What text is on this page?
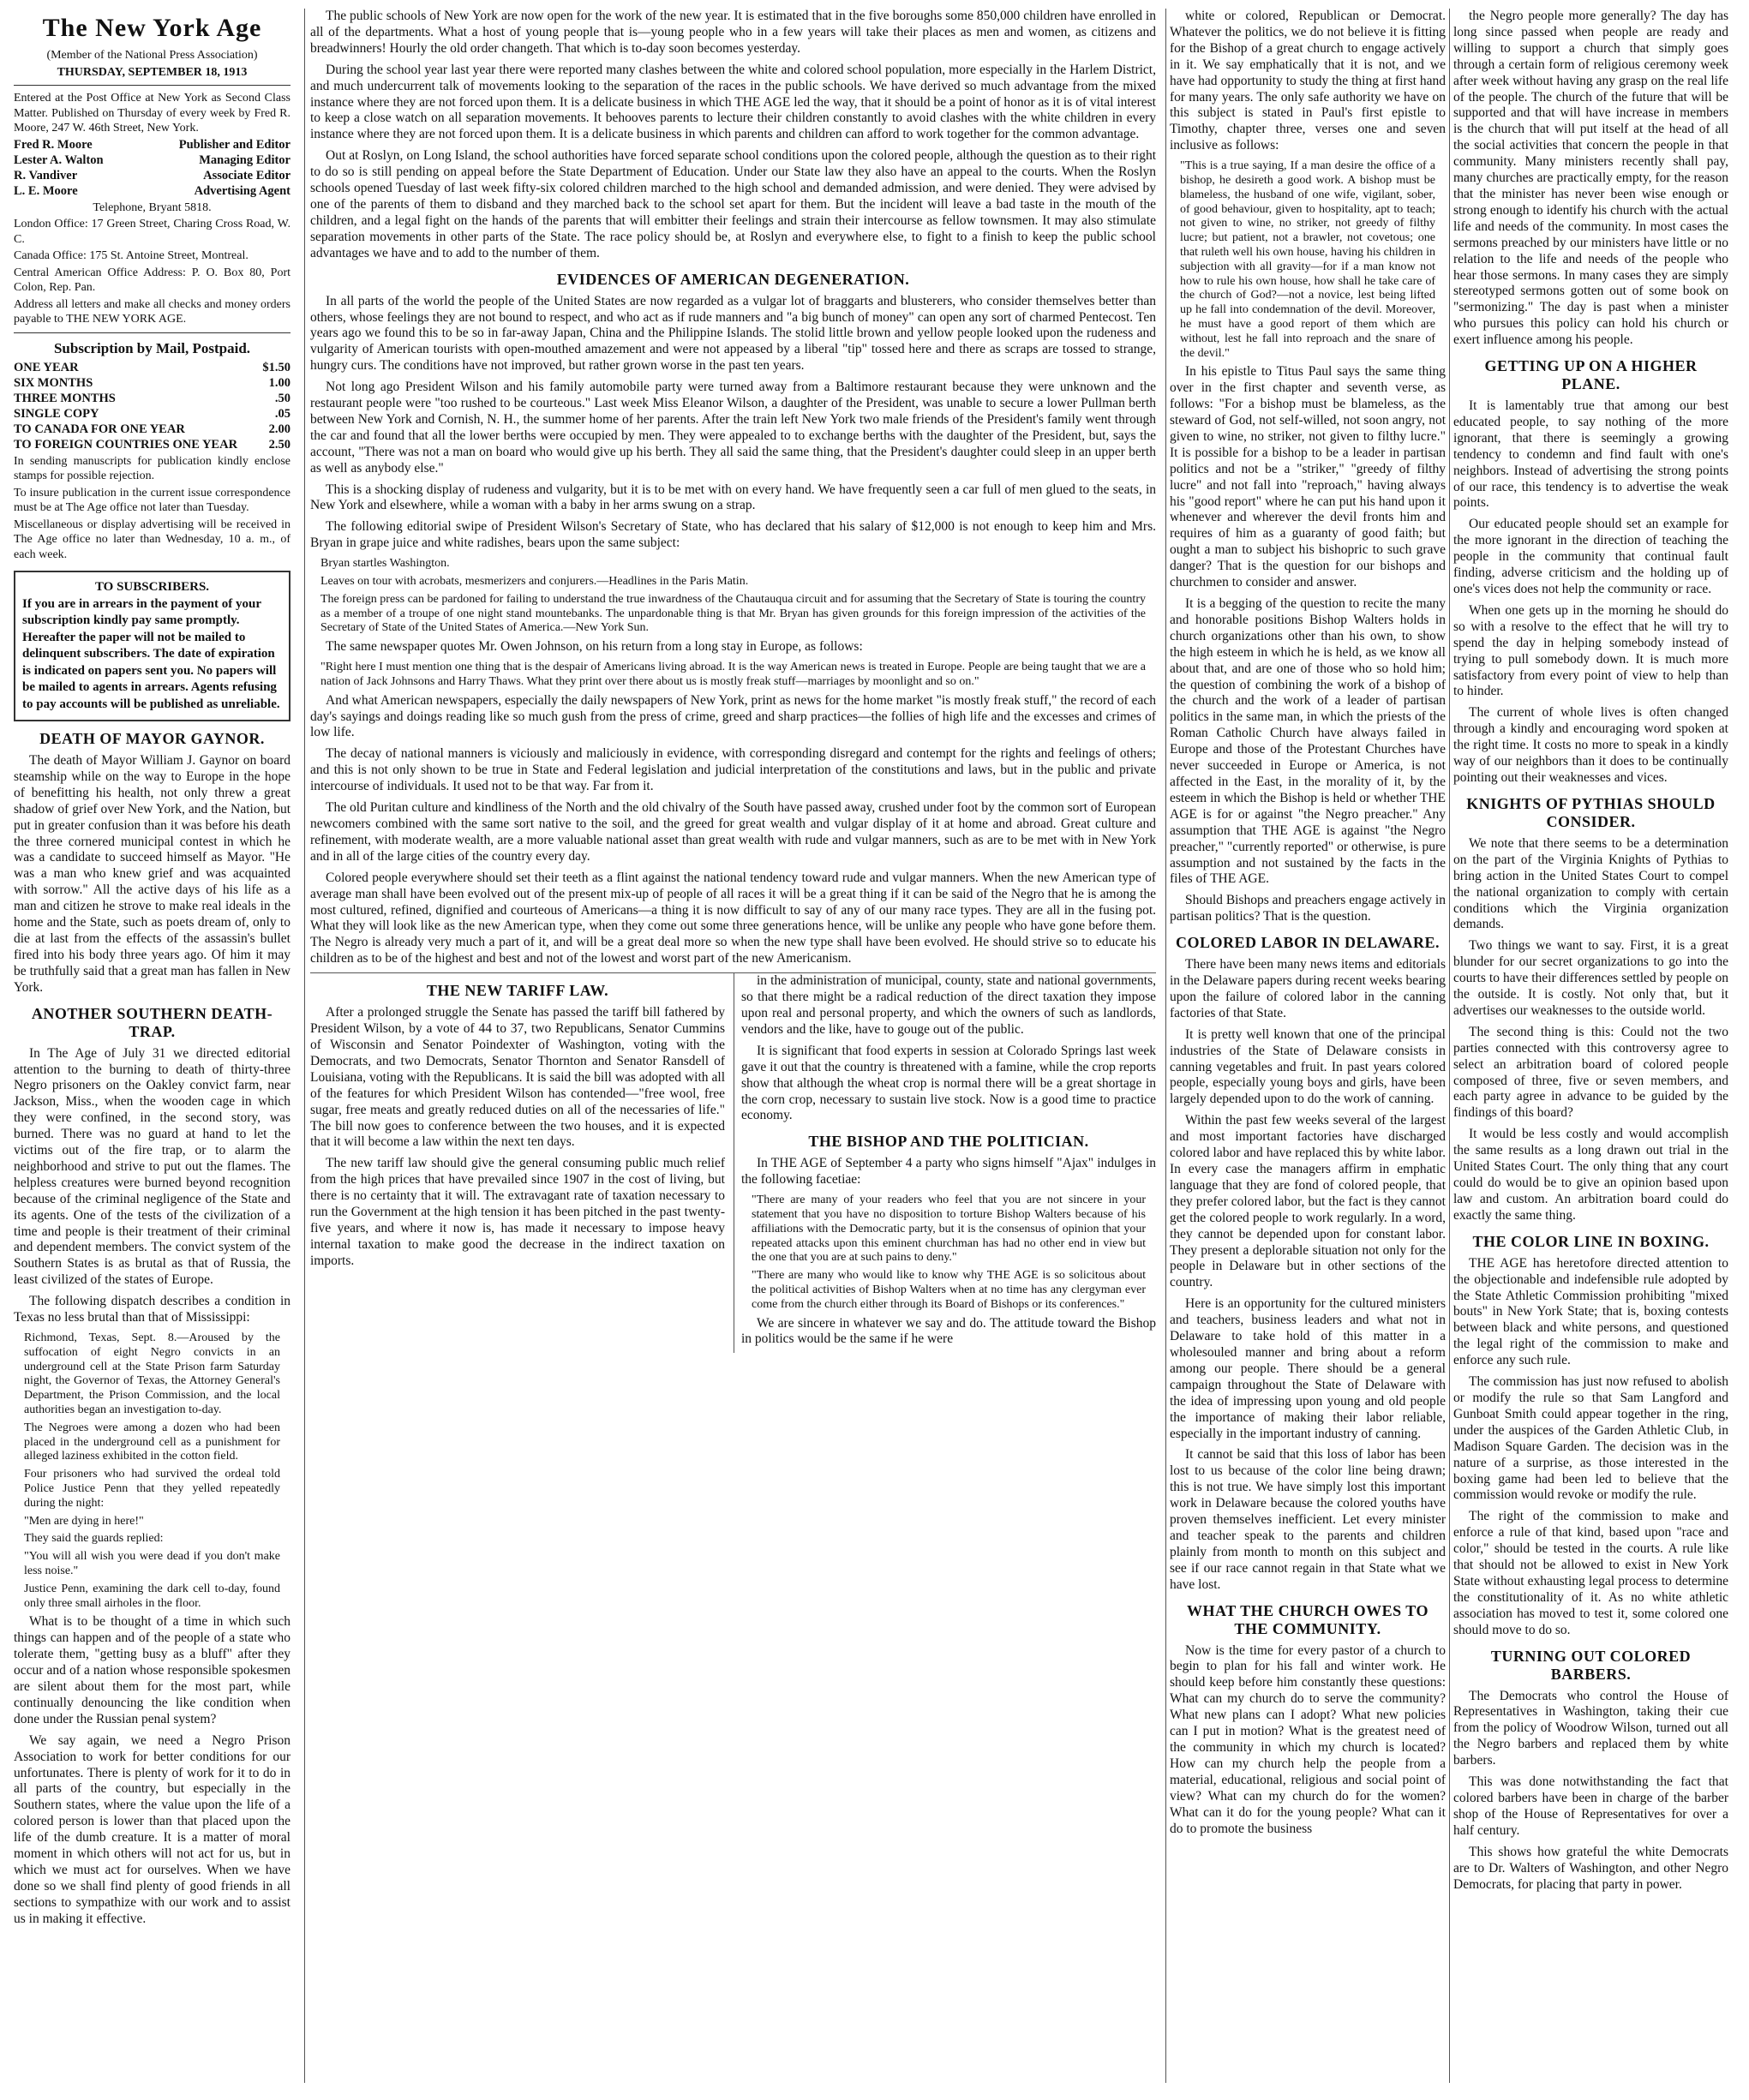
The New York Age
(Member of the National Press Association)
THURSDAY, SEPTEMBER 18, 1913

Entered at the Post Office at New York as Second Class Matter. Published on Thursday of every week by Fred R. Moore, 247 W. 46th Street, New York.

Fred R. Moore	Publisher and Editor
Lester A. Walton	Managing Editor
R. Vandiver	Associate Editor
L. E. Moore	Advertising Agent
Telephone, Bryant 5818.

London Office: 17 Green Street, Charing Cross Road, W. C.

Canada Office: 175 St. Antoine Street, Montreal.

Central American Office Address: P. O. Box 80, Port Colon, Rep. Pan.

Address all letters and make all checks and money orders payable to THE NEW YORK AGE.

Subscription by Mail, Postpaid.
ONE YEAR	$1.50
SIX MONTHS	1.00
THREE MONTHS	.50
SINGLE COPY	.05
TO CANADA FOR ONE YEAR	2.00
TO FOREIGN COUNTRIES ONE YEAR	2.50

In sending manuscripts for publication kindly enclose stamps for possible rejection.

To insure publication in the current issue correspondence must be at The Age office not later than Tuesday.

Miscellaneous or display advertising will be received in The Age office no later than Wednesday, 10 a. m., of each week.

TO SUBSCRIBERS.
If you are in arrears in the payment of your subscription kindly pay same promptly. Hereafter the paper will not be mailed to delinquent subscribers. The date of expiration is indicated on papers sent you. No papers will be mailed to agents in arrears. Agents refusing to pay accounts will be published as unreliable.
DEATH OF MAYOR GAYNOR.

The death of Mayor William J. Gaynor on board steamship while on the way to Europe in the hope of benefitting his health, not only threw a great shadow of grief over New York, and the Nation, but put in greater confusion than it was before his death the three cornered municipal contest in which he was a candidate to succeed himself as Mayor. "He was a man who knew grief and was acquainted with sorrow." All the active days of his life as a man and citizen he strove to make real ideals in the home and the State, such as poets dream of, only to die at last from the effects of the assassin's bullet fired into his body three years ago. Of him it may be truthfully said that a great man has fallen in New York.

ANOTHER SOUTHERN DEATH-TRAP.

In The Age of July 31 we directed editorial attention to the burning to death of thirty-three Negro prisoners on the Oakley convict farm, near Jackson, Miss., when the wooden cage in which they were confined, in the second story, was burned. There was no guard at hand to let the victims out of the fire trap, or to alarm the neighborhood and strive to put out the flames. The helpless creatures were burned beyond recognition because of the criminal negligence of the State and its agents. One of the tests of the civilization of a time and people is their treatment of their criminal and dependent members. The convict system of the Southern States is as brutal as that of Russia, the least civilized of the states of Europe.

The following dispatch describes a condition in Texas no less brutal than that of Mississippi:

Richmond, Texas, Sept. 8.—Aroused by the suffocation of eight Negro convicts in an underground cell at the State Prison farm Saturday night, the Governor of Texas, the Attorney General's Department, the Prison Commission, and the local authorities began an investigation to-day.

The Negroes were among a dozen who had been placed in the underground cell as a punishment for alleged laziness exhibited in the cotton field.

Four prisoners who had survived the ordeal told Police Justice Penn that they yelled repeatedly during the night:

"Men are dying in here!"

They said the guards replied:

"You will all wish you were dead if you don't make less noise."

Justice Penn, examining the dark cell to-day, found only three small airholes in the floor.

What is to be thought of a time in which such things can happen and of the people of a state who tolerate them, "getting busy as a bluff" after they occur and of a nation whose responsible spokesmen are silent about them for the most part, while continually denouncing the like condition when done under the Russian penal system?

We say again, we need a Negro Prison Association to work for better conditions for our unfortunates. There is plenty of work for it to do in all parts of the country, but especially in the Southern states, where the value upon the life of a colored person is lower than that placed upon the life of the dumb creature. It is a matter of moral moment in which others will not act for us, but in which we must act for ourselves. When we have done so we shall find plenty of good friends in all sections to sympathize with our work and to assist us in making it effective.

The public schools of New York are now open for the work of the new year. It is estimated that in the five boroughs some 850,000 children have enrolled in all of the departments. What a host of young people that is—young people who in a few years will take their places as men and women, as citizens and breadwinners! Hourly the old order changeth. That which is to-day soon becomes yesterday.

During the school year last year there were reported many clashes between the white and colored school population, more especially in the Harlem District, and much undercurrent talk of movements looking to the separation of the races in the public schools. We have derived so much advantage from the mixed instance where they are not forced upon them. It is a delicate business in which THE AGE led the way, that it should be a point of honor as it is of vital interest to keep a close watch on all separation movements. It behooves parents to lecture their children constantly to avoid clashes with the white children in every instance where they are not forced upon them. It is a delicate business in which parents and children can afford to work together for the common advantage.

Out at Roslyn, on Long Island, the school authorities have forced separate school conditions upon the colored people, although the question as to their right to do so is still pending on appeal before the State Department of Education. Under our State law they also have an appeal to the courts. When the Roslyn schools opened Tuesday of last week fifty-six colored children marched to the high school and demanded admission, and were denied. They were advised by one of the parents of them to disband and they marched back to the school set apart for them. But the incident will leave a bad taste in the mouth of the children, and a legal fight on the hands of the parents that will embitter their feelings and strain their intercourse as fellow townsmen. It may also stimulate separation movements in other parts of the State. The race policy should be, at Roslyn and everywhere else, to fight to a finish to keep the public school advantages we have and to add to the number of them.

EVIDENCES OF AMERICAN DEGENERATION.

In all parts of the world the people of the United States are now regarded as a vulgar lot of braggarts and blusterers, who consider themselves better than others, whose feelings they are not bound to respect, and who act as if rude manners and "a big bunch of money" can open any sort of charmed Pentecost. Ten years ago we found this to be so in far-away Japan, China and the Philippine Islands. The stolid little brown and yellow people looked upon the rudeness and vulgarity of American tourists with open-mouthed amazement and were not appeased by a liberal "tip" tossed here and there as scraps are tossed to strange, hungry curs. The conditions have not improved, but rather grown worse in the past ten years.

Not long ago President Wilson and his family automobile party were turned away from a Baltimore restaurant because they were unknown and the restaurant people were "too rushed to be courteous." Last week Miss Eleanor Wilson, a daughter of the President, was unable to secure a lower Pullman berth between New York and Cornish, N. H., the summer home of her parents. After the train left New York two male friends of the President's family went through the car and found that all the lower berths were occupied by men. They were appealed to to exchange berths with the daughter of the President, but, says the account, "There was not a man on board who would give up his berth. They all said the same thing, that the President's daughter could sleep in an upper berth as well as anybody else."

This is a shocking display of rudeness and vulgarity, but it is to be met with on every hand. We have frequently seen a car full of men glued to the seats, in New York and elsewhere, while a woman with a baby in her arms swung on a strap.

The following editorial swipe of President Wilson's Secretary of State, who has declared that his salary of $12,000 is not enough to keep him and Mrs. Bryan in grape juice and white radishes, bears upon the same subject:

Bryan startles Washington.

Leaves on tour with acrobats, mesmerizers and conjurers.—Headlines in the Paris Matin.

The foreign press can be pardoned for failing to understand the true inwardness of the Chautauqua circuit and for assuming that the Secretary of State is touring the country as a member of a troupe of one night stand mountebanks. The unpardonable thing is that Mr. Bryan has given grounds for this foreign impression of the activities of the Secretary of State of the United States of America.—New York Sun.

The same newspaper quotes Mr. Owen Johnson, on his return from a long stay in Europe, as follows:

"Right here I must mention one thing that is the despair of Americans living abroad. It is the way American news is treated in Europe. People are being taught that we are a nation of Jack Johnsons and Harry Thaws. What they print over there about us is mostly freak stuff—marriages by moonlight and so on."

And what American newspapers, especially the daily newspapers of New York, print as news for the home market "is mostly freak stuff," the record of each day's sayings and doings reading like so much gush from the press of crime, greed and sharp practices—the follies of high life and the excesses and crimes of low life.

The decay of national manners is viciously and maliciously in evidence, with corresponding disregard and contempt for the rights and feelings of others; and this is not only shown to be true in State and Federal legislation and judicial interpretation of the constitutions and laws, but in the public and private intercourse of individuals. It used not to be that way. Far from it.

The old Puritan culture and kindliness of the North and the old chivalry of the South have passed away, crushed under foot by the common sort of European newcomers combined with the same sort native to the soil, and the greed for great wealth and vulgar display of it at home and abroad. Great culture and refinement, with moderate wealth, are a more valuable national asset than great wealth with rude and vulgar manners, such as are to be met with in New York and in all of the large cities of the country every day.

Colored people everywhere should set their teeth as a flint against the national tendency toward rude and vulgar manners. When the new American type of average man shall have been evolved out of the present mix-up of people of all races it will be a great thing if it can be said of the Negro that he is among the most cultured, refined, dignified and courteous of Americans—a thing it is now difficult to say of any of our many race types. They are all in the fusing pot. What they will look like as the new American type, when they come out some three generations hence, will be unlike any people who have gone before them. The Negro is already very much a part of it, and will be a great deal more so when the new type shall have been evolved. He should strive so to educate his children as to be of the highest and best and not of the lowest and worst part of the new Americanism.

THE NEW TARIFF LAW.

After a prolonged struggle the Senate has passed the tariff bill fathered by President Wilson, by a vote of 44 to 37, two Republicans, Senator Cummins of Wisconsin and Senator Poindexter of Washington, voting with the Democrats, and two Democrats, Senator Thornton and Senator Ransdell of Louisiana, voting with the Republicans. It is said the bill was adopted with all of the features for which President Wilson has contended—"free wool, free sugar, free meats and greatly reduced duties on all of the necessaries of life." The bill now goes to conference between the two houses, and it is expected that it will become a law within the next ten days.

The new tariff law should give the general consuming public much relief from the high prices that have prevailed since 1907 in the cost of living, but there is no certainty that it will. The extravagant rate of taxation necessary to run the Government at the high tension it has been pitched in the past twenty-five years, and where it now is, has made it necessary to impose heavy internal taxation to make good the decrease in the indirect taxation on imports.

in the administration of municipal, county, state and national governments, so that there might be a radical reduction of the direct taxation they impose upon real and personal property, and which the owners of such as landlords, vendors and the like, have to gouge out of the public.

It is significant that food experts in session at Colorado Springs last week gave it out that the country is threatened with a famine, while the crop reports show that although the wheat crop is normal there will be a great shortage in the corn crop, necessary to sustain live stock. Now is a good time to practice economy.

THE BISHOP AND THE POLITICIAN.

In THE AGE of September 4 a party who signs himself "Ajax" indulges in the following facetiae:

"There are many of your readers who feel that you are not sincere in your statement that you have no disposition to torture Bishop Walters because of his affiliations with the Democratic party, but it is the consensus of opinion that your repeated attacks upon this eminent churchman has had no other end in view but the one that you are at such pains to deny."

"There are many who would like to know why THE AGE is so solicitous about the political activities of Bishop Walters when at no time has any clergyman ever come from the church either through its Board of Bishops or its conferences."

We are sincere in whatever we say and do. The attitude toward the Bishop in politics would be the same if he were

white or colored, Republican or Democrat. Whatever the politics, we do not believe it is fitting for the Bishop of a great church to engage actively in it. We say emphatically that it is not, and we have had opportunity to study the thing at first hand for many years. The only safe authority we have on this subject is stated in Paul's first epistle to Timothy, chapter three, verses one and seven inclusive as follows:

"This is a true saying, If a man desire the office of a bishop, he desireth a good work. A bishop must be blameless, the husband of one wife, vigilant, sober, of good behaviour, given to hospitality, apt to teach; not given to wine, no striker, not greedy of filthy lucre; but patient, not a brawler, not covetous; one that ruleth well his own house, having his children in subjection with all gravity—for if a man know not how to rule his own house, how shall he take care of the church of God?—not a novice, lest being lifted up he fall into condemnation of the devil. Moreover, he must have a good report of them which are without, lest he fall into reproach and the snare of the devil."

In his epistle to Titus Paul says the same thing over in the first chapter and seventh verse, as follows: "For a bishop must be blameless, as the steward of God, not self-willed, not soon angry, not given to wine, no striker, not given to filthy lucre." It is possible for a bishop to be a leader in partisan politics and not be a "striker," "greedy of filthy lucre" and not fall into "reproach," having always his "good report" where he can put his hand upon it whenever and wherever the devil fronts him and requires of him as a guaranty of good faith; but ought a man to subject his bishopric to such grave danger? That is the question for our bishops and churchmen to consider and answer.

It is a begging of the question to recite the many and honorable positions Bishop Walters holds in church organizations other than his own, to show the high esteem in which he is held, as we know all about that, and are one of those who so hold him; the question of combining the work of a bishop of the church and the work of a leader of partisan politics in the same man, in which the priests of the Roman Catholic Church have always failed in Europe and those of the Protestant Churches have never succeeded in Europe or America, is not affected in the East, in the morality of it, by the esteem in which the Bishop is held or whether THE AGE is for or against "the Negro preacher." Any assumption that THE AGE is against "the Negro preacher," "currently reported" or otherwise, is pure assumption and not sustained by the facts in the files of THE AGE.

Should Bishops and preachers engage actively in partisan politics? That is the question.

COLORED LABOR IN DELAWARE.

There have been many news items and editorials in the Delaware papers during recent weeks bearing upon the failure of colored labor in the canning factories of that State.

It is pretty well known that one of the principal industries of the State of Delaware consists in canning vegetables and fruit. In past years colored people, especially young boys and girls, have been largely depended upon to do the work of canning.

Within the past few weeks several of the largest and most important factories have discharged colored labor and have replaced this by white labor. In every case the managers affirm in emphatic language that they are fond of colored people, that they prefer colored labor, but the fact is they cannot get the colored people to work regularly. In a word, they cannot be depended upon for constant labor. They present a deplorable situation not only for the people in Delaware but in other sections of the country.

Here is an opportunity for the cultured ministers and teachers, business leaders and what not in Delaware to take hold of this matter in a wholesouled manner and bring about a reform among our people. There should be a general campaign throughout the State of Delaware with the idea of impressing upon young and old people the importance of making their labor reliable, especially in the important industry of canning.

It cannot be said that this loss of labor has been lost to us because of the color line being drawn; this is not true. We have simply lost this important work in Delaware because the colored youths have proven themselves inefficient. Let every minister and teacher speak to the parents and children plainly from month to month on this subject and see if our race cannot regain in that State what we have lost.

WHAT THE CHURCH OWES TO THE COMMUNITY.

Now is the time for every pastor of a church to begin to plan for his fall and winter work. He should keep before him constantly these questions: What can my church do to serve the community? What new plans can I adopt? What new policies can I put in motion? What is the greatest need of the community in which my church is located? How can my church help the people from a material, educational, religious and social point of view? What can my church do for the women? What can it do for the young people? What can it do to promote the business

the Negro people more generally? The day has long since passed when people are ready and willing to support a church that simply goes through a certain form of religious ceremony week after week without having any grasp on the real life of the people. The church of the future that will be supported and that will have increase in members is the church that will put itself at the head of all the social activities that concern the people in that community. Many ministers recently shall pay, many churches are practically empty, for the reason that the minister has never been wise enough or strong enough to identify his church with the actual life and needs of the community. In most cases the sermons preached by our ministers have little or no relation to the life and needs of the people who hear those sermons. In many cases they are simply stereotyped sermons gotten out of some book on "sermonizing." The day is past when a minister who pursues this policy can hold his church or exert influence among his people.

GETTING UP ON A HIGHER PLANE.

It is lamentably true that among our best educated people, to say nothing of the more ignorant, that there is seemingly a growing tendency to condemn and find fault with one's neighbors. Instead of advertising the strong points of our race, this tendency is to advertise the weak points.

Our educated people should set an example for the more ignorant in the direction of teaching the people in the community that continual fault finding, adverse criticism and the holding up of one's vices does not help the community or race.

When one gets up in the morning he should do so with a resolve to the effect that he will try to spend the day in helping somebody instead of trying to pull somebody down. It is much more satisfactory from every point of view to help than to hinder.

The current of whole lives is often changed through a kindly and encouraging word spoken at the right time. It costs no more to speak in a kindly way of our neighbors than it does to be continually pointing out their weaknesses and vices.

KNIGHTS OF PYTHIAS SHOULD CONSIDER.

We note that there seems to be a determination on the part of the Virginia Knights of Pythias to bring action in the United States Court to compel the national organization to comply with certain conditions which the Virginia organization demands.

Two things we want to say. First, it is a great blunder for our secret organizations to go into the courts to have their differences settled by people on the outside. It is costly. Not only that, but it advertises our weaknesses to the outside world.

The second thing is this: Could not the two parties connected with this controversy agree to select an arbitration board of colored people composed of three, five or seven members, and each party agree in advance to be guided by the findings of this board?

It would be less costly and would accomplish the same results as a long drawn out trial in the United States Court. The only thing that any court could do would be to give an opinion based upon law and custom. An arbitration board could do exactly the same thing.

THE COLOR LINE IN BOXING.

THE AGE has heretofore directed attention to the objectionable and indefensible rule adopted by the State Athletic Commission prohibiting "mixed bouts" in New York State; that is, boxing contests between black and white persons, and questioned the legal right of the commission to make and enforce any such rule.

The commission has just now refused to abolish or modify the rule so that Sam Langford and Gunboat Smith could appear together in the ring, under the auspices of the Garden Athletic Club, in Madison Square Garden. The decision was in the nature of a surprise, as those interested in the boxing game had been led to believe that the commission would revoke or modify the rule.

The right of the commission to make and enforce a rule of that kind, based upon "race and color," should be tested in the courts. A rule like that should not be allowed to exist in New York State without exhausting legal process to determine the constitutionality of it. As no white athletic association has moved to test it, some colored one should move to do so.

TURNING OUT COLORED BARBERS.

The Democrats who control the House of Representatives in Washington, taking their cue from the policy of Woodrow Wilson, turned out all the Negro barbers and replaced them by white barbers.

This was done notwithstanding the fact that colored barbers have been in charge of the barber shop of the House of Representatives for over a half century.

This shows how grateful the white Democrats are to Dr. Walters of Washington, and other Negro Democrats, for placing that party in power.
